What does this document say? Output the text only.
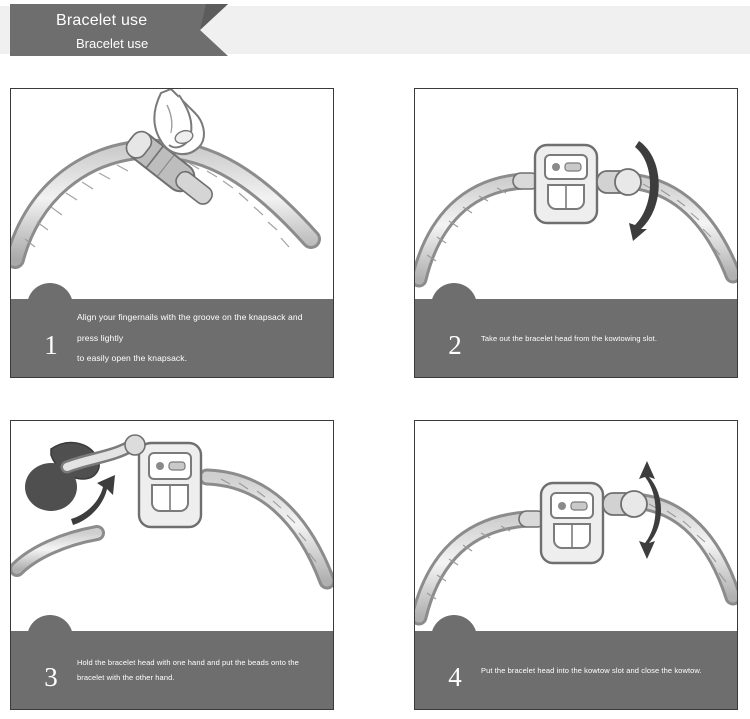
Bracelet use
Bracelet use
1
Align your fingernails with the groove on the knapsack and press lightly
to easily open the knapsack.	2	Take out the bracelet head from the kowtowing slot.
3	Hold the bracelet head with one hand and put the beads onto the bracelet with the other hand.	4	Put the bracelet head into the kowtow slot and close the kowtow.
